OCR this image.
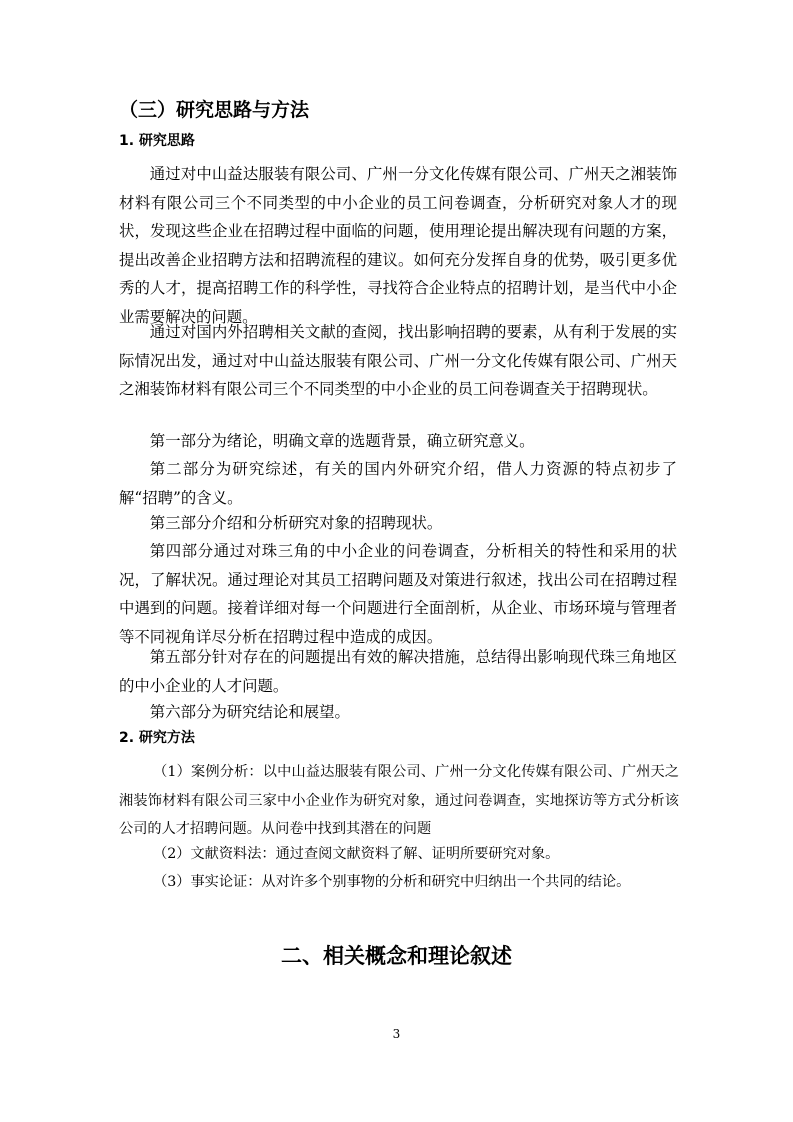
（三）研究思路与方法
1. 研究思路

通过对中山益达服装有限公司、广州一分文化传媒有限公司、广州天之湘装饰材料有限公司三个不同类型的中小企业的员工问卷调查，分析研究对象人才的现状，发现这些企业在招聘过程中面临的问题，使用理论提出解决现有问题的方案，提出改善企业招聘方法和招聘流程的建议。如何充分发挥自身的优势，吸引更多优秀的人才，提高招聘工作的科学性，寻找符合企业特点的招聘计划，是当代中小企业需要解决的问题。

通过对国内外招聘相关文献的查阅，找出影响招聘的要素，从有利于发展的实际情况出发，通过对中山益达服装有限公司、广州一分文化传媒有限公司、广州天之湘装饰材料有限公司三个不同类型的中小企业的员工问卷调查关于招聘现状。

第一部分为绪论，明确文章的选题背景，确立研究意义。

第二部分为研究综述，有关的国内外研究介绍，借人力资源的特点初步了解“招聘”的含义。

第三部分介绍和分析研究对象的招聘现状。

第四部分通过对珠三角的中小企业的问卷调查，分析相关的特性和采用的状况，了解状况。通过理论对其员工招聘问题及对策进行叙述，找出公司在招聘过程中遇到的问题。接着详细对每一个问题进行全面剖析，从企业、市场环境与管理者等不同视角详尽分析在招聘过程中造成的成因。

第五部分针对存在的问题提出有效的解决措施，总结得出影响现代珠三角地区的中小企业的人才问题。

第六部分为研究结论和展望。

2. 研究方法

（1）案例分析：以中山益达服装有限公司、广州一分文化传媒有限公司、广州天之湘装饰材料有限公司三家中小企业作为研究对象，通过问卷调查，实地探访等方式分析该公司的人才招聘问题。从问卷中找到其潜在的问题

（2）文献资料法：通过查阅文献资料了解、证明所要研究对象。

（3）事实论证：从对许多个别事物的分析和研究中归纳出一个共同的结论。

二、相关概念和理论叙述
3
